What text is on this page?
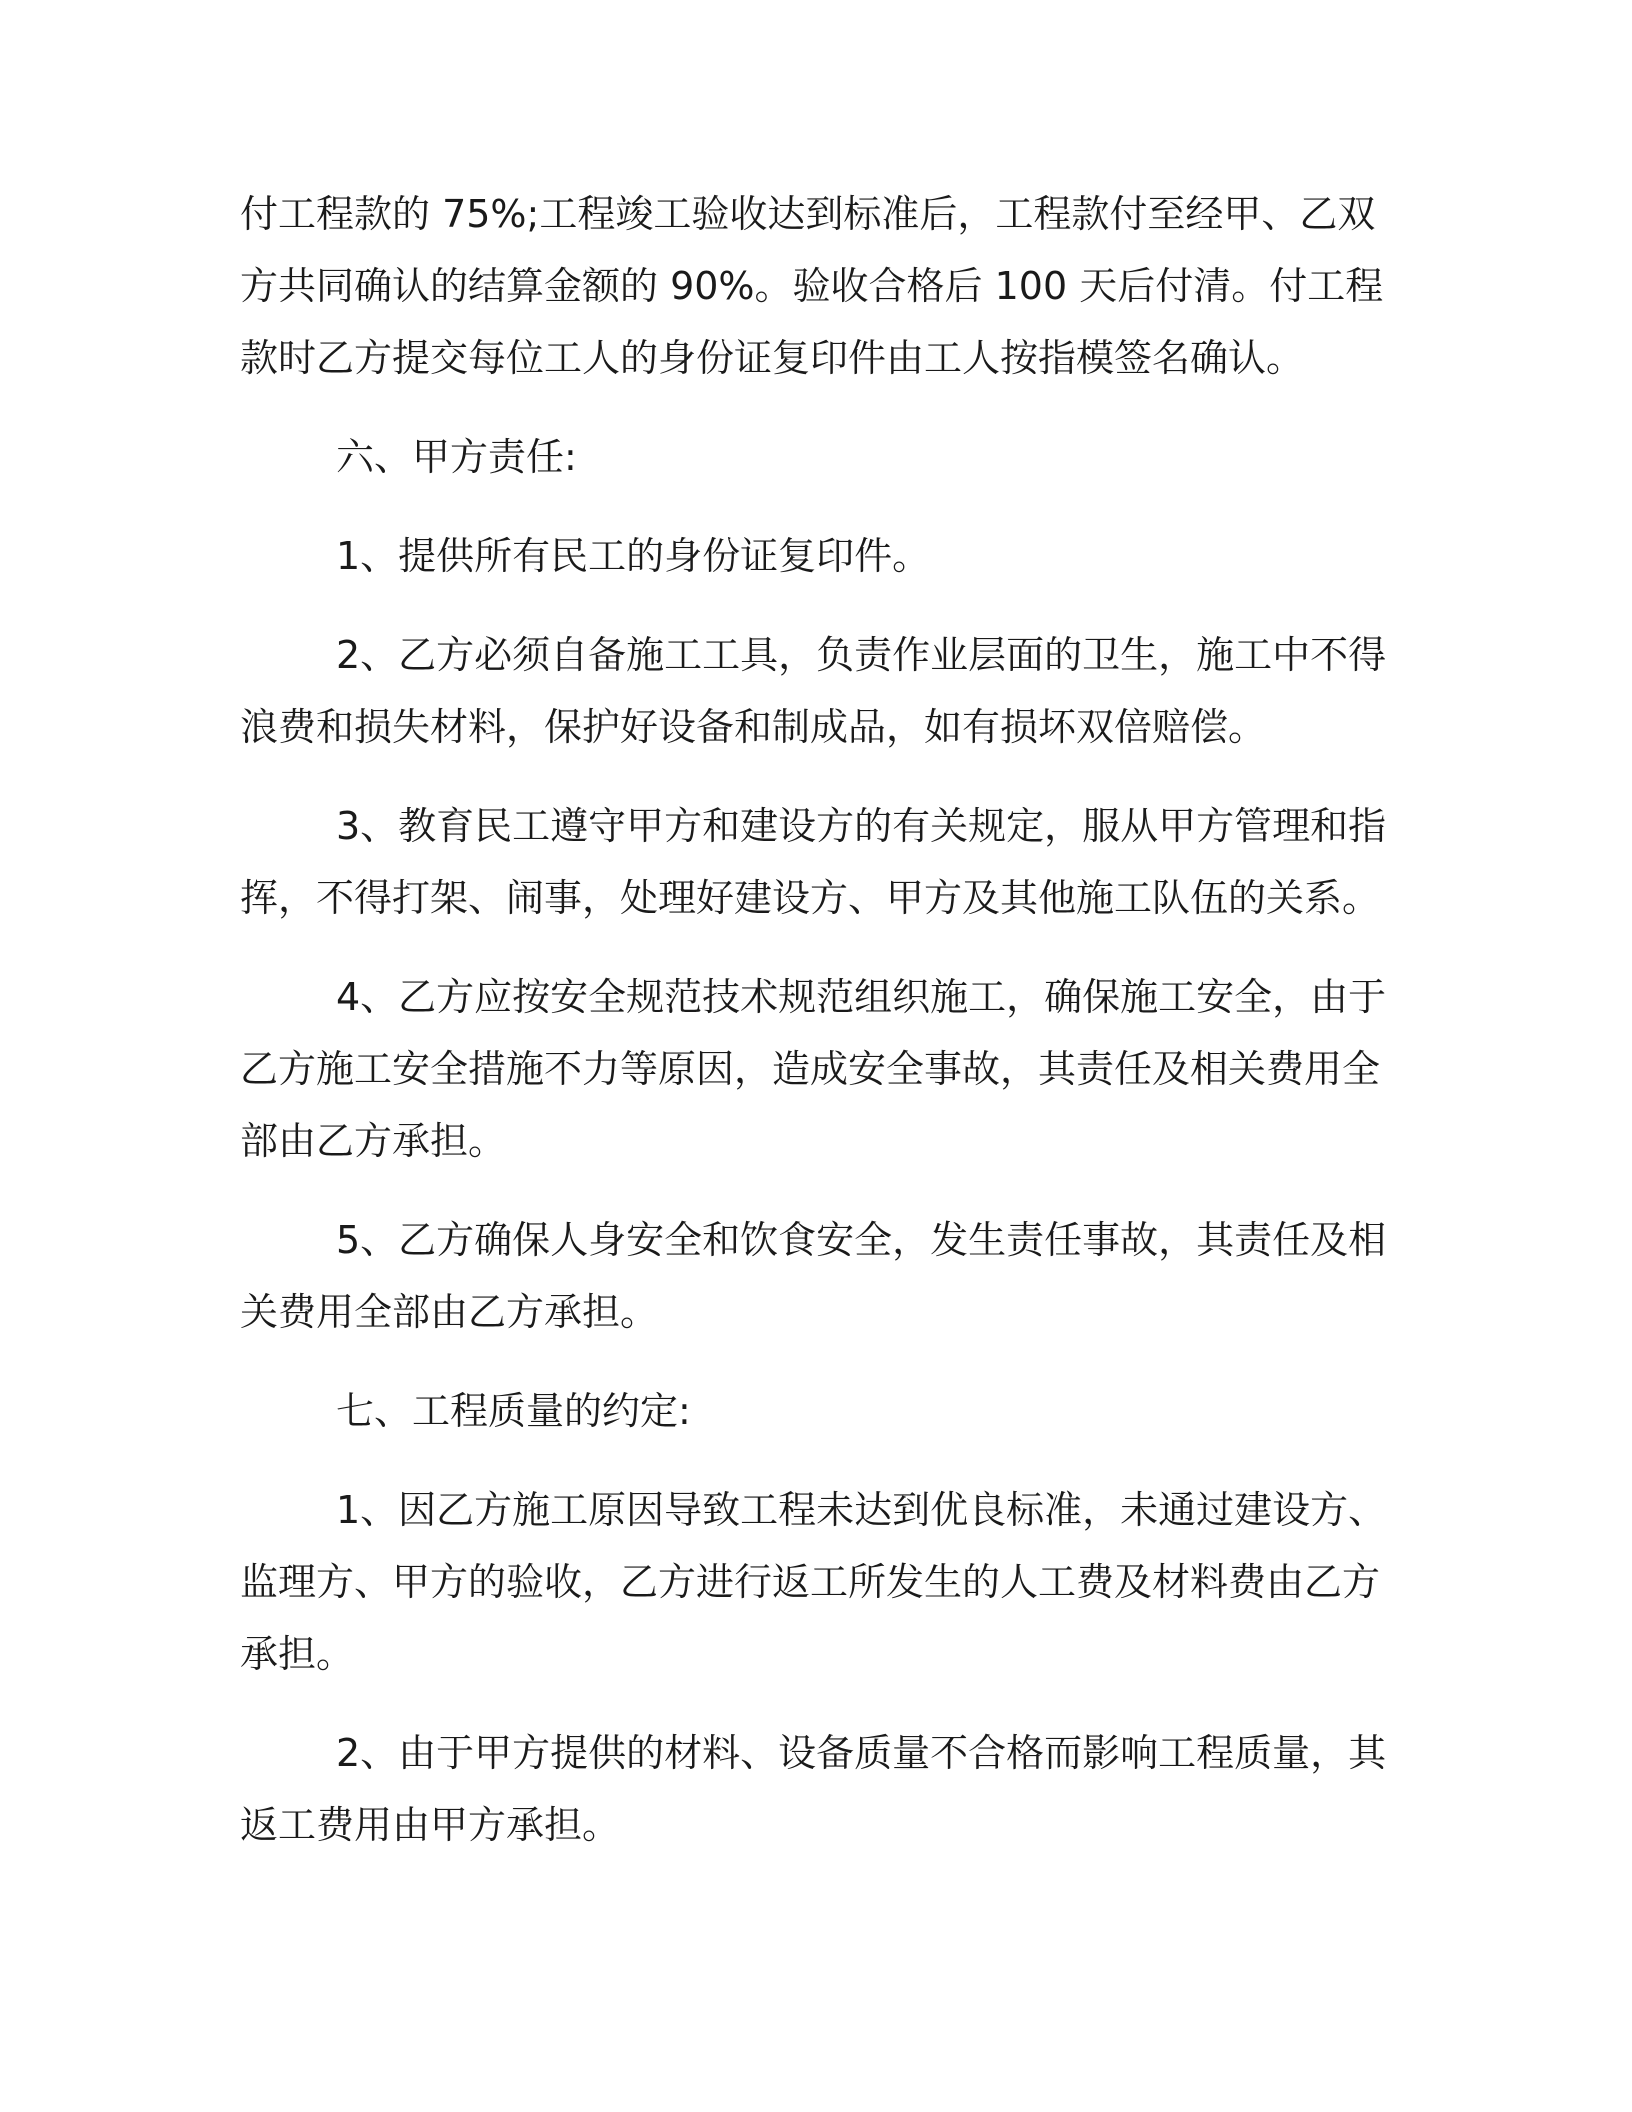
付工程款的 75%;工程竣工验收达到标准后，工程款付至经甲、乙双方共同确认的结算金额的 90%。验收合格后 100 天后付清。付工程款时乙方提交每位工人的身份证复印件由工人按指模签名确认。

六、甲方责任:

1、提供所有民工的身份证复印件。

2、乙方必须自备施工工具，负责作业层面的卫生，施工中不得浪费和损失材料，保护好设备和制成品，如有损坏双倍赔偿。

3、教育民工遵守甲方和建设方的有关规定，服从甲方管理和指挥，不得打架、闹事，处理好建设方、甲方及其他施工队伍的关系。

4、乙方应按安全规范技术规范组织施工，确保施工安全，由于乙方施工安全措施不力等原因，造成安全事故，其责任及相关费用全部由乙方承担。

5、乙方确保人身安全和饮食安全，发生责任事故，其责任及相关费用全部由乙方承担。

七、工程质量的约定:

1、因乙方施工原因导致工程未达到优良标准，未通过建设方、监理方、甲方的验收，乙方进行返工所发生的人工费及材料费由乙方承担。

2、由于甲方提供的材料、设备质量不合格而影响工程质量，其返工费用由甲方承担。
